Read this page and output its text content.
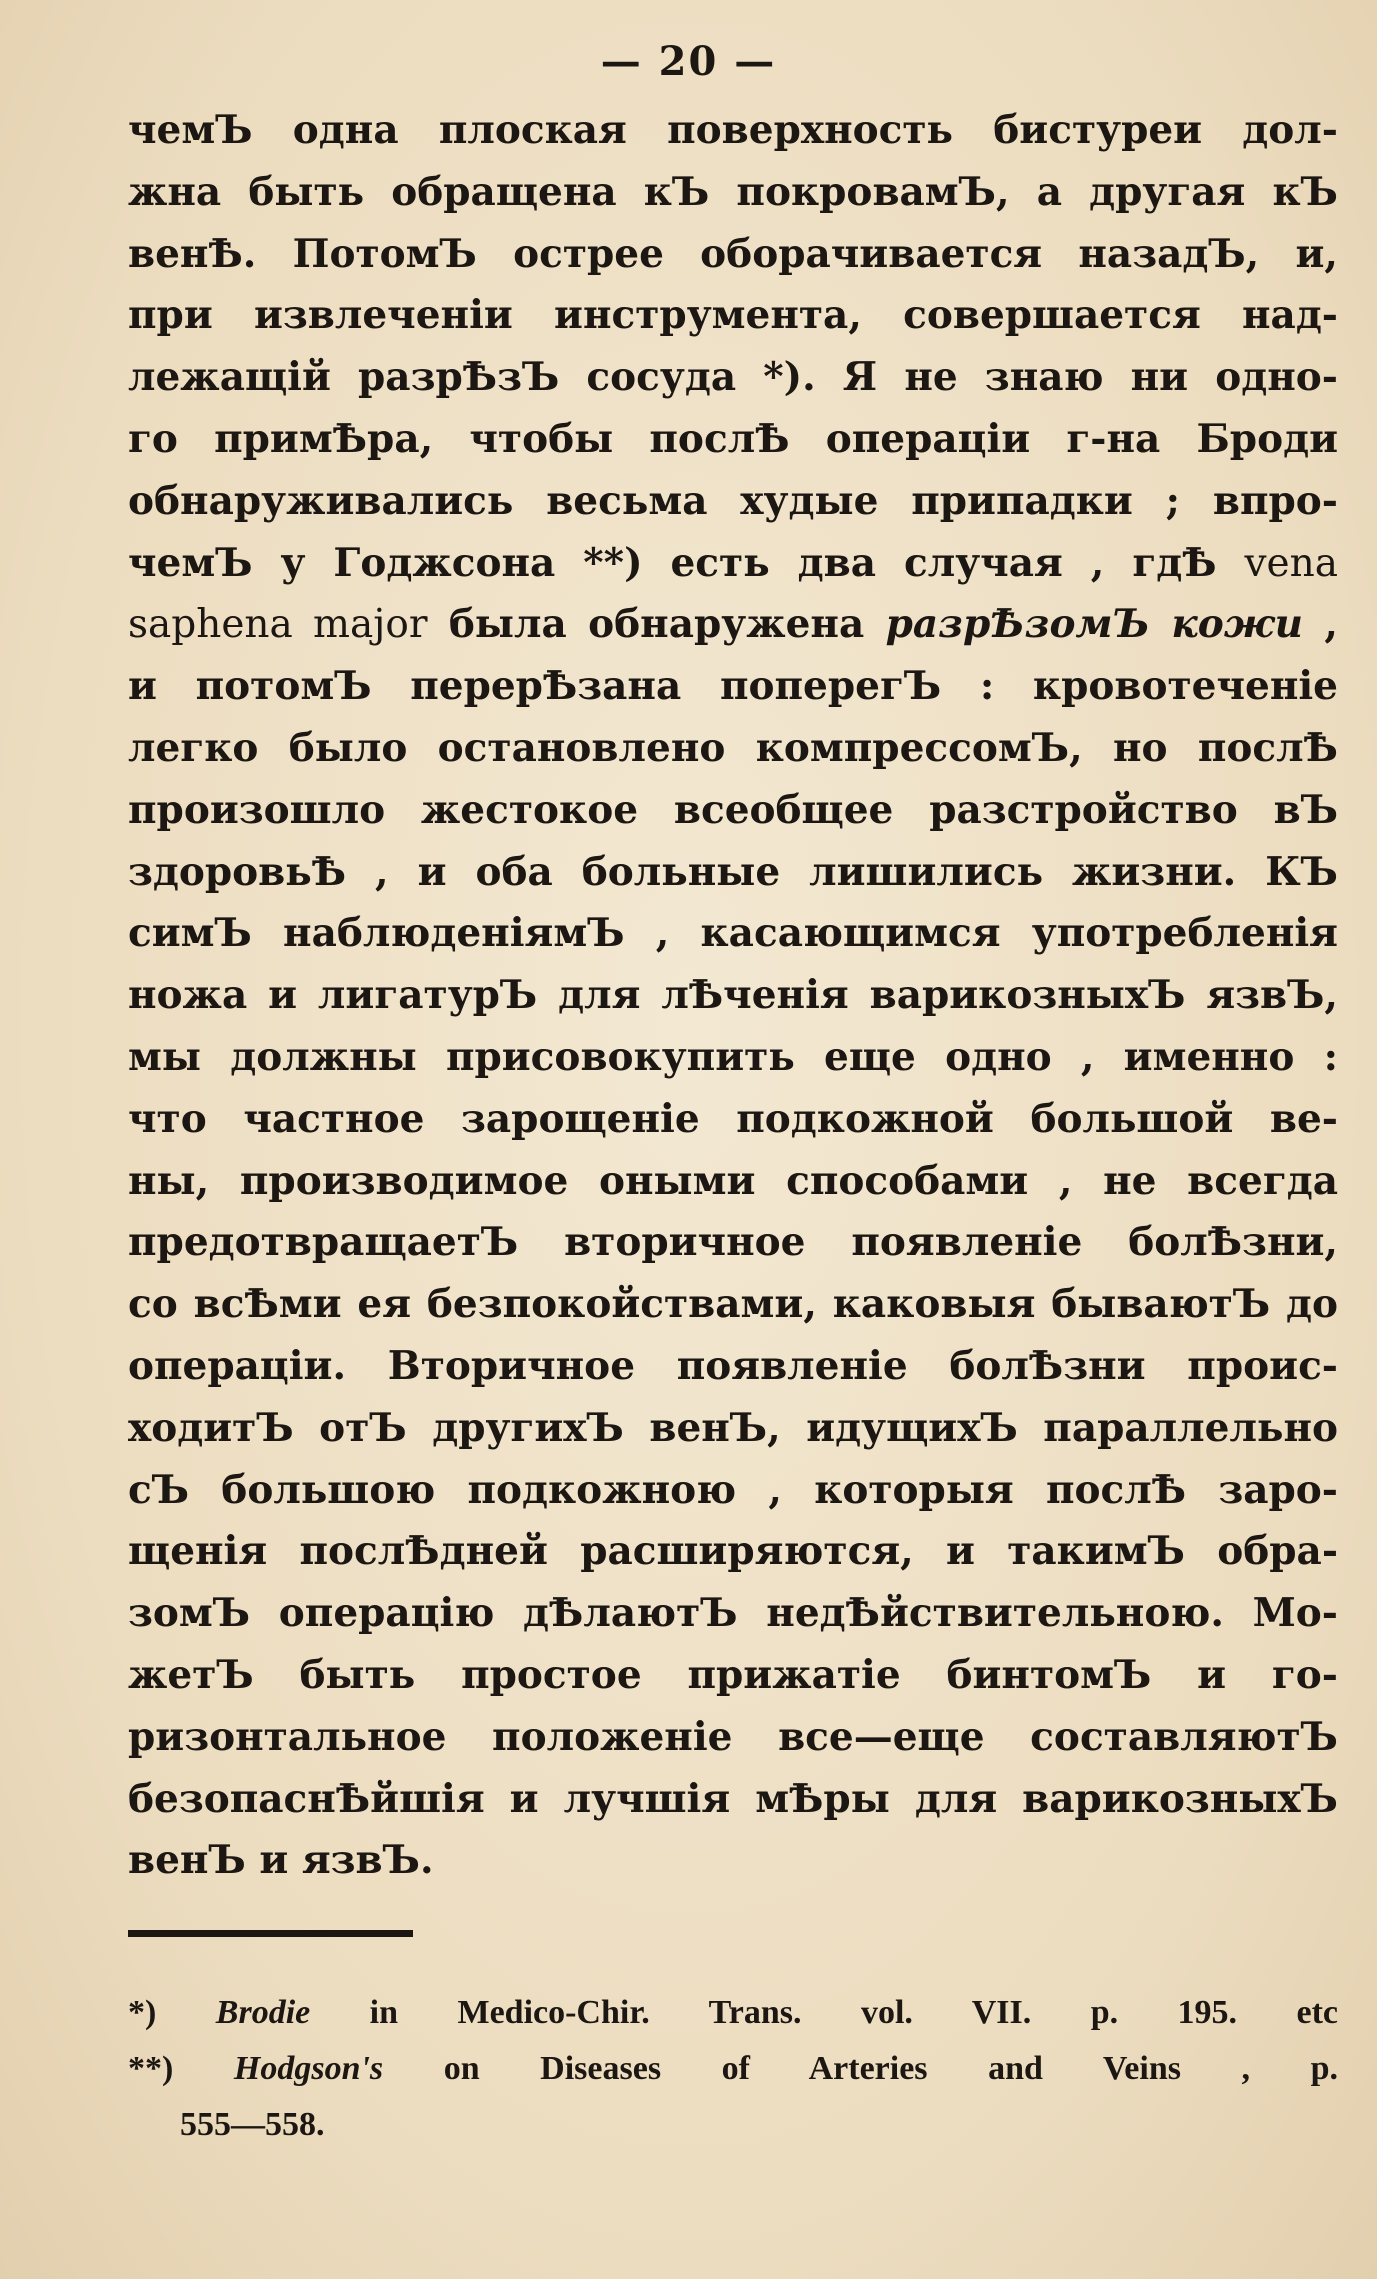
— 20 —
чемЪ одна плоская поверхность бистуреи дол-
жна быть обращена кЪ покровамЪ, а другая кЪ
венѢ. ПотомЪ острее оборачивается назадЪ, и,
при извлеченіи инструмента, совершается над-
лежащій разрѢзЪ сосуда *). Я не знаю ни одно-
го примѢра, чтобы послѢ операціи г-на Броди
обнаруживались весьма худые припадки ; впро-
чемЪ у Годжсона **) есть два случая , гдѢ vena
saphena major была обнаружена разрѢзомЪ кожи ,
и потомЪ перерѢзана поперегЪ : кровотеченіе
легко было остановлено компрессомЪ, но послѢ
произошло жестокое всеобщее разстройство вЪ
здоровьѢ , и оба больные лишились жизни. КЪ
симЪ наблюденіямЪ , касающимся употребленія
ножа и лигатурЪ для лѢченія варикозныхЪ язвЪ,
мы должны присовокупить еще одно , именно :
что частное зарощеніе подкожной большой ве-
ны, производимое оными способами , не всегда
предотвращаетЪ вторичное появленіе болѢзни,
со всѢми ея безпокойствами, каковыя бываютЪ до
операціи. Вторичное появленіе болѢзни проис-
ходитЪ отЪ другихЪ венЪ, идущихЪ параллельно
сЪ большою подкожною , которыя послѢ заро-
щенія послѢдней расширяются, и такимЪ обра-
зомЪ операцію дѢлаютЪ недѢйствительною. Мо-
жетЪ быть простое прижатіе бинтомЪ и го-
ризонтальное положеніе все—еще составляютЪ
безопаснѢйшія и лучшія мѢры для варикозныхЪ
венЪ и язвЪ.
*) Brodie in Medico-Chir. Trans. vol. VII. p. 195. etc
**) Hodgson's on Diseases of Arteries and Veins , p.
555—558.
